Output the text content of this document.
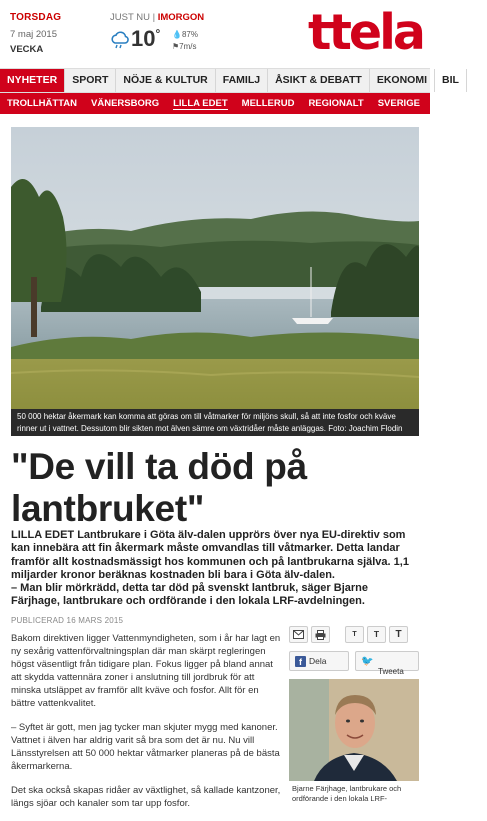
TORSDAG
7 maj 2015
VECKA
JUST NU | IMORGON
10° 💧87%
⚑7m/s ttela
NYHETER	SPORT	NÖJE & KULTUR	FAMILJ	ÅSIKT & DEBATT	EKONOMI	BIL
TROLLHÄTTAN	VÄNERSBORG	LILLA EDET	MELLERUD	REGIONALT	SVERIGE	VÄRLDEN
50 000 hektar åkermark kan komma att göras om till våtmarker för miljöns skull, så att inte fosfor och kväve rinner ut i vattnet. Dessutom blir sikten mot älven sämre om växtridåer måste anläggas. Foto: Joachim Flodin
"De vill ta död på
lantbruket"

LILLA EDET Lantbrukare i Göta älv-dalen upprörs över nya EU-direktiv som kan innebära att fin åkermark måste omvandlas till våtmarker. Detta landar framför allt kostnadsmässigt hos kommunen och på lantbrukarna själva. 1,1 miljarder kronor beräknas kostnaden bli bara i Göta älv-dalen.

– Man blir mörkrädd, detta tar död på svenskt lantbruk, säger Bjarne Färjhage, lantbrukare och ordförande i den lokala LRF-avdelningen.

PUBLICERAD 16 MARS 2015

Bakom direktiven ligger Vattenmyndigheten, som i år har lagt en ny sexårig vattenförvaltningsplan där man skärpt regleringen högst väsentligt från tidigare plan. Fokus ligger på bland annat att skydda vattennära zoner i anslutning till jordbruk för att minska utsläppet av framför allt kväve och fosfor. Allt för en bättre vattenkvalitet.

– Syftet är gott, men jag tycker man skjuter mygg med kanoner. Vattnet i älven har aldrig varit så bra som det är nu. Nu vill Länsstyrelsen att 50 000 hektar våtmarker planeras på de bästa åkermarkerna.

Det ska också skapas ridåer av växtlighet, så kallade kantzoner, längs sjöar och kanaler som tar upp fosfor.

T	T	T
f Dela	🐦
Tweeta
Bjarne Färjhage, lantbrukare och ordförande i den lokala LRF-
